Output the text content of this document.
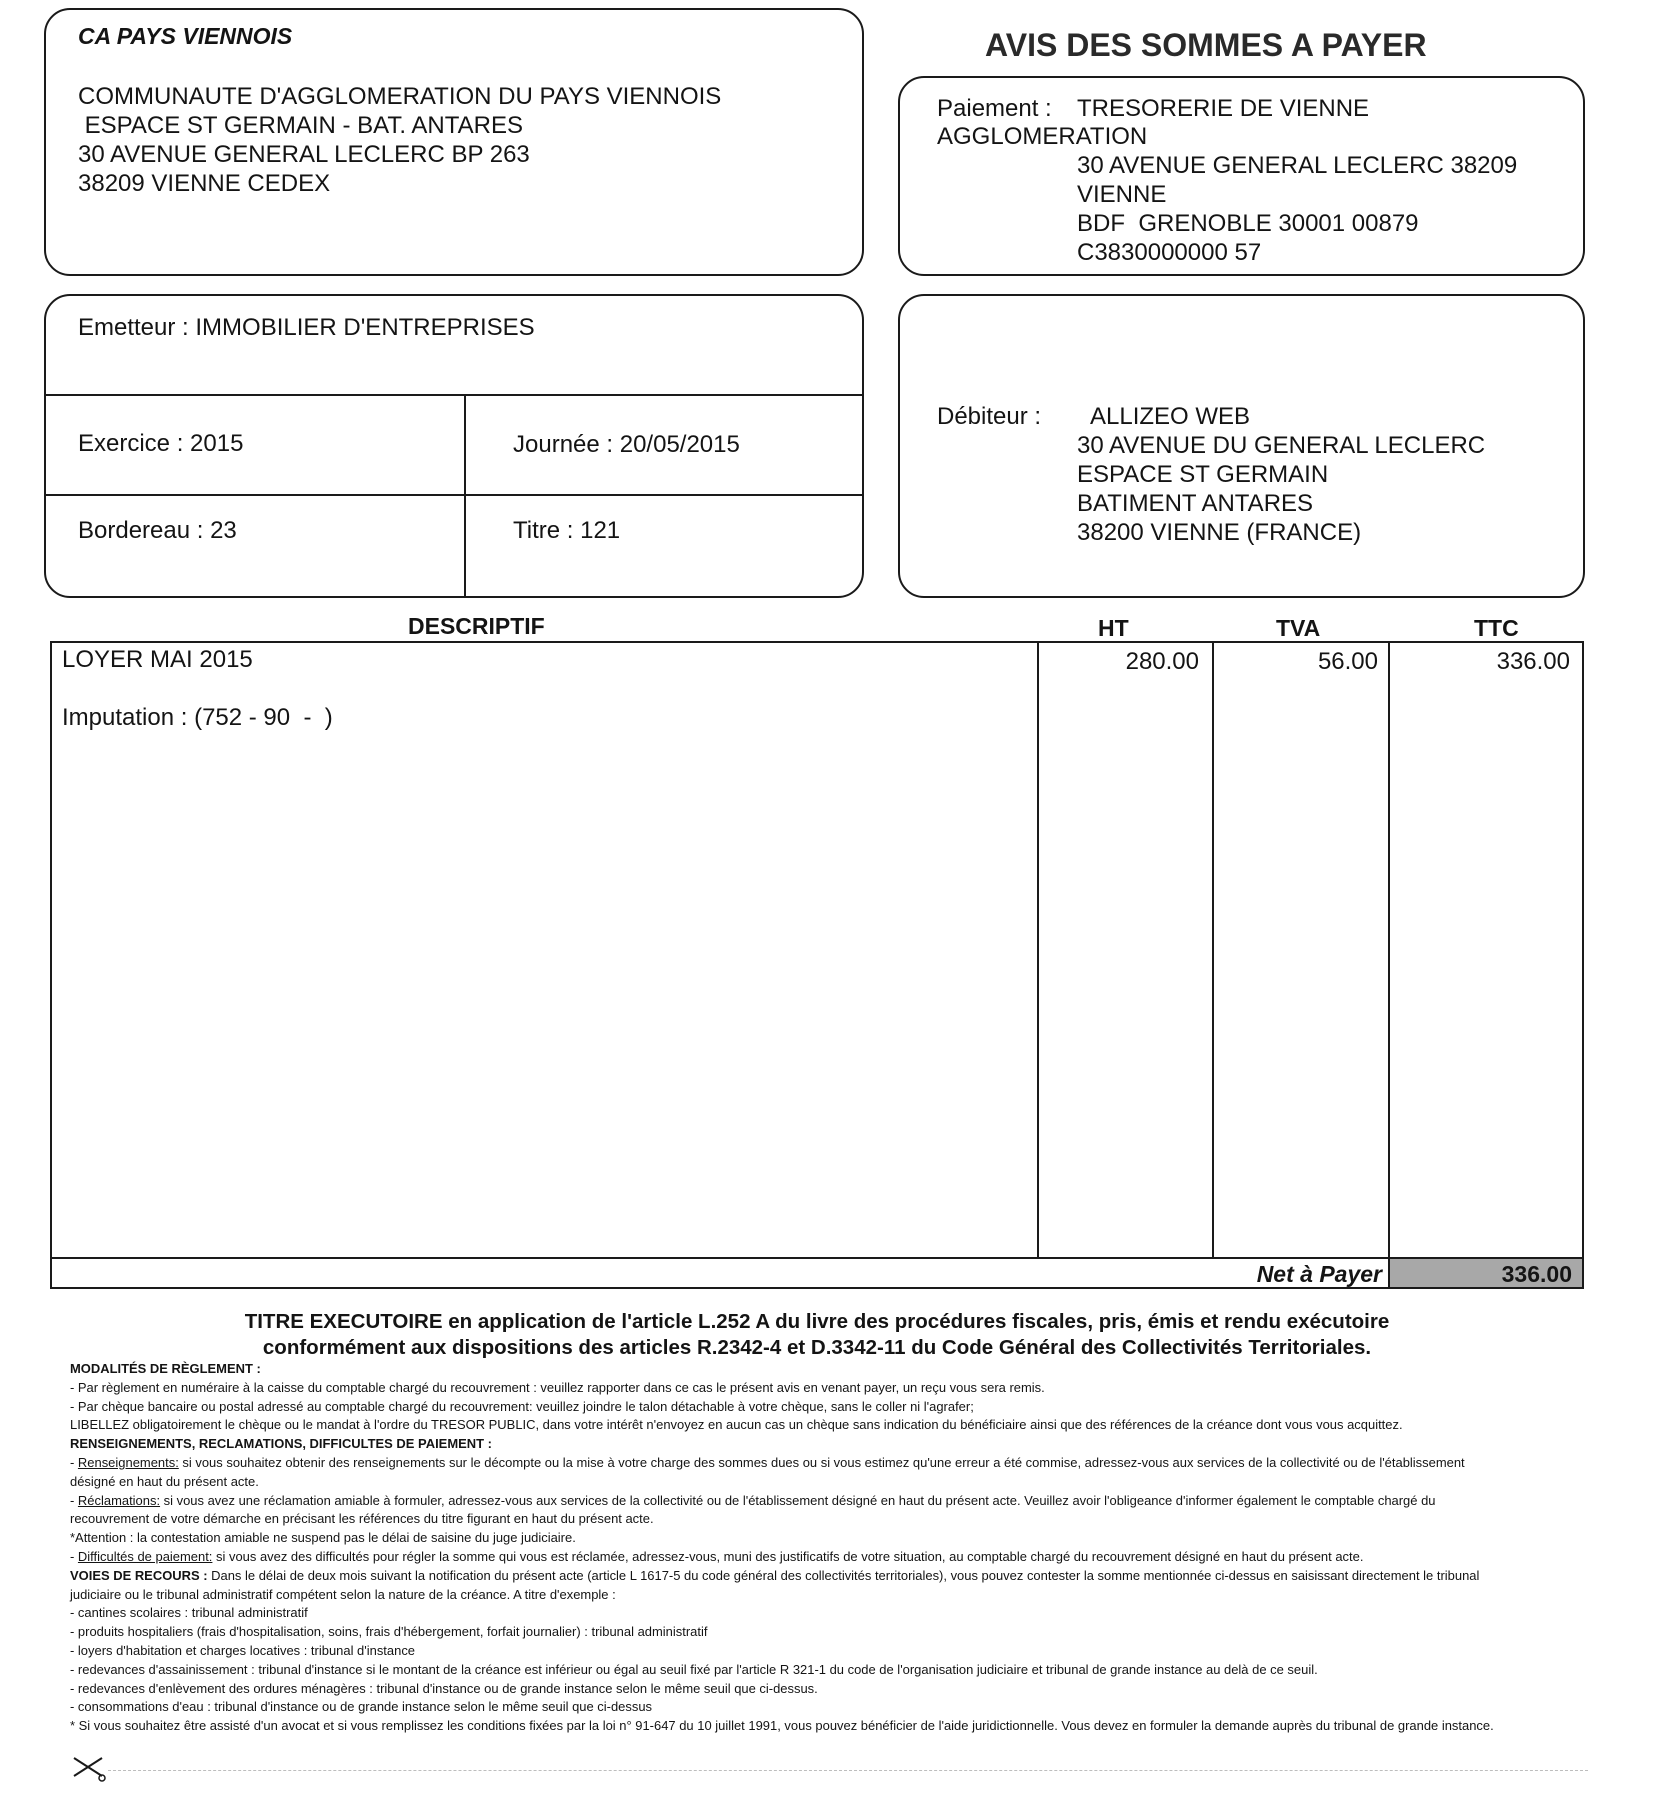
CA PAYS VIENNOIS
COMMUNAUTE D'AGGLOMERATION DU PAYS VIENNOIS
ESPACE ST GERMAIN - BAT. ANTARES
30 AVENUE GENERAL LECLERC BP 263
38209 VIENNE CEDEX
AVIS DES SOMMES A PAYER
Paiement : TRESORERIE DE VIENNE
AGGLOMERATION
30 AVENUE GENERAL LECLERC 38209
VIENNE
BDF  GRENOBLE 30001 00879
C3830000000 57
Emetteur : IMMOBILIER D'ENTREPRISES
Exercice : 2015	Journée : 20/05/2015
Bordereau : 23	Titre : 121
Débiteur : ALLIZEO WEB
30 AVENUE DU GENERAL LECLERC
ESPACE ST GERMAIN
BATIMENT ANTARES
38200 VIENNE (FRANCE)
DESCRIPTIF	HT	TVA	TTC
LOYER MAI 2015
Imputation : (752 - 90  -  )
280.00	56.00	336.00
Net à Payer	336.00
TITRE EXECUTOIRE en application de l'article L.252 A du livre des procédures fiscales, pris, émis et rendu exécutoire
conformément aux dispositions des articles R.2342-4 et D.3342-11 du Code Général des Collectivités Territoriales.
MODALITÉS DE RÈGLEMENT :
- Par règlement en numéraire à la caisse du comptable chargé du recouvrement : veuillez rapporter dans ce cas le présent avis en venant payer, un reçu vous sera remis.
- Par chèque bancaire ou postal adressé au comptable chargé du recouvrement: veuillez joindre le talon détachable à votre chèque, sans le coller ni l'agrafer;
LIBELLEZ obligatoirement le chèque ou le mandat à l'ordre du TRESOR PUBLIC, dans votre intérêt n'envoyez en aucun cas un chèque sans indication du bénéficiaire ainsi que des références de la créance dont vous vous acquittez.
RENSEIGNEMENTS, RECLAMATIONS, DIFFICULTES DE PAIEMENT :
- Renseignements: si vous souhaitez obtenir des renseignements sur le décompte ou la mise à votre charge des sommes dues ou si vous estimez qu'une erreur a été commise, adressez-vous aux services de la collectivité ou de l'établissement
désigné en haut du présent acte.
- Réclamations: si vous avez une réclamation amiable à formuler, adressez-vous aux services de la collectivité ou de l'établissement désigné en haut du présent acte. Veuillez avoir l'obligeance d'informer également le comptable chargé du
recouvrement de votre démarche en précisant les références du titre figurant en haut du présent acte.
*Attention : la contestation amiable ne suspend pas le délai de saisine du juge judiciaire.
- Difficultés de paiement: si vous avez des difficultés pour régler la somme qui vous est réclamée, adressez-vous, muni des justificatifs de votre situation, au comptable chargé du recouvrement désigné en haut du présent acte.
VOIES DE RECOURS : Dans le délai de deux mois suivant la notification du présent acte (article L 1617-5 du code général des collectivités territoriales), vous pouvez contester la somme mentionnée ci-dessus en saisissant directement le tribunal
judiciaire ou le tribunal administratif compétent selon la nature de la créance. A titre d'exemple :
- cantines scolaires : tribunal administratif
- produits hospitaliers (frais d'hospitalisation, soins, frais d'hébergement, forfait journalier) : tribunal administratif
- loyers d'habitation et charges locatives : tribunal d'instance
- redevances d'assainissement : tribunal d'instance si le montant de la créance est inférieur ou égal au seuil fixé par l'article R 321-1 du code de l'organisation judiciaire et tribunal de grande instance au delà de ce seuil.
- redevances d'enlèvement des ordures ménagères : tribunal d'instance ou de grande instance selon le même seuil que ci-dessus.
- consommations d'eau : tribunal d'instance ou de grande instance selon le même seuil que ci-dessus
* Si vous souhaitez être assisté d'un avocat et si vous remplissez les conditions fixées par la loi n° 91-647 du 10 juillet 1991, vous pouvez bénéficier de l'aide juridictionnelle. Vous devez en formuler la demande auprès du tribunal de grande instance.
